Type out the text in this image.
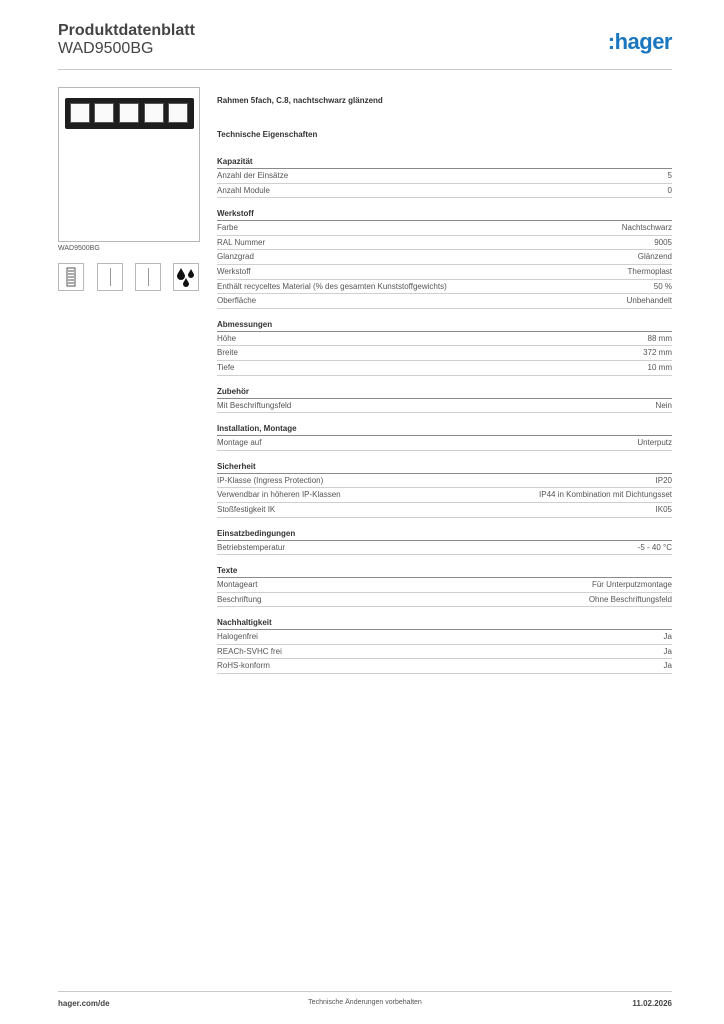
Produktdatenblatt
WAD9500BG	:hager
WAD9500BG
Rahmen 5fach, C.8, nachtschwarz glänzend
Technische Eigenschaften
Kapazität
Anzahl der Einsätze	5
Anzahl Module	0
Werkstoff
Farbe	Nachtschwarz
RAL Nummer	9005
Glanzgrad	Glänzend
Werkstoff	Thermoplast
Enthält recyceltes Material (% des gesamten Kunststoffgewichts)	50 %
Oberfläche	Unbehandelt
Abmessungen
Höhe	88 mm
Breite	372 mm
Tiefe	10 mm
Zubehör
Mit Beschriftungsfeld	Nein
Installation, Montage
Montage auf	Unterputz
Sicherheit
IP-Klasse (Ingress Protection)	IP20
Verwendbar in höheren IP-Klassen	IP44 in Kombination mit Dichtungsset
Stoßfestigkeit IK	IK05
Einsatzbedingungen
Betriebstemperatur	-5 - 40 °C
Texte
Montageart	Für Unterputzmontage
Beschriftung	Ohne Beschriftungsfeld
Nachhaltigkeit
Halogenfrei	Ja
REACh-SVHC frei	Ja
RoHS-konform	Ja
hager.com/de	Technische Änderungen vorbehalten	11.02.2026
